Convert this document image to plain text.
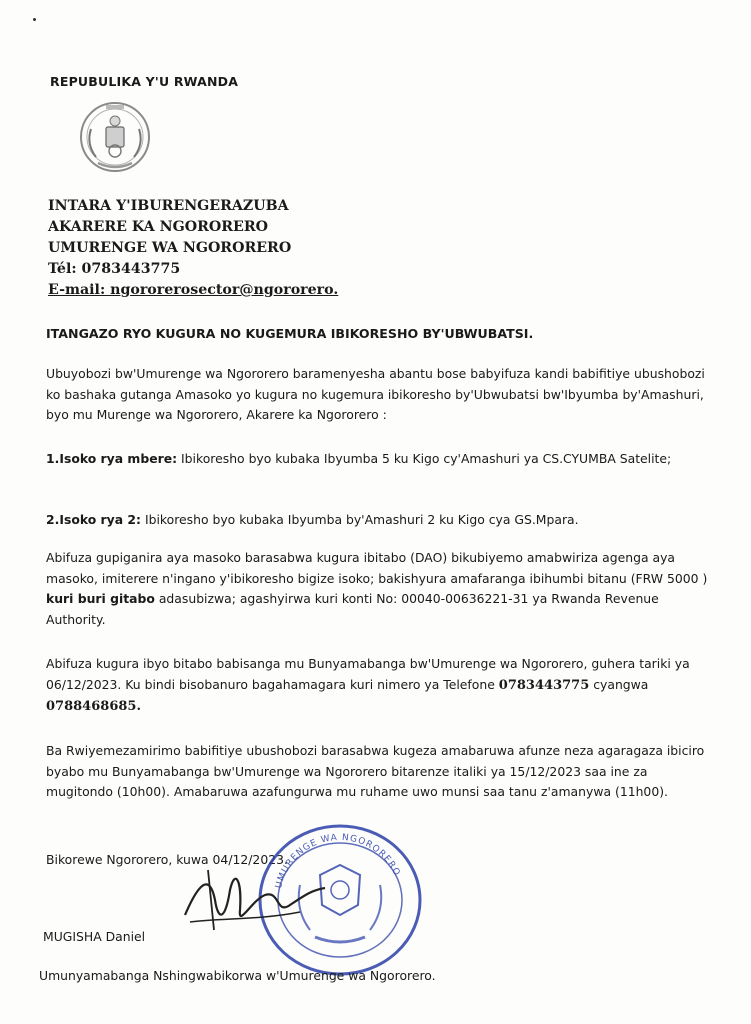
REPUBULIKA Y'U RWANDA
INTARA Y'IBURENGERAZUBA
AKARERE KA NGORORERO
UMURENGE WA NGORORERO
Tél: 0783443775
E-mail: ngororerosector@ngororero.
ITANGAZO RYO KUGURA NO KUGEMURA IBIKORESHO BY'UBWUBATSI.
Ubuyobozi bw'Umurenge wa Ngororero baramenyesha abantu bose babyifuza kandi babifitiye ubushobozi ko bashaka gutanga Amasoko yo kugura no kugemura ibikoresho by'Ubwubatsi bw'Ibyumba by'Amashuri, byo mu Murenge wa Ngororero, Akarere ka Ngororero :
1.Isoko rya mbere: Ibikoresho byo kubaka Ibyumba 5 ku Kigo cy'Amashuri ya CS.CYUMBA Satelite;
2.Isoko rya 2: Ibikoresho byo kubaka Ibyumba by'Amashuri 2 ku Kigo cya GS.Mpara.
Abifuza gupiganira aya masoko barasabwa kugura ibitabo (DAO) bikubiyemo amabwiriza agenga aya masoko, imiterere n'ingano y'ibikoresho bigize isoko; bakishyura amafaranga ibihumbi bitanu (FRW 5000 ) kuri buri gitabo adasubizwa; agashyirwa kuri konti No: 00040-00636221-31 ya Rwanda Revenue Authority.
Abifuza kugura ibyo bitabo babisanga mu Bunyamabanga bw'Umurenge wa Ngororero, guhera tariki ya 06/12/2023. Ku bindi bisobanuro bagahamagara kuri nimero ya Telefone 0783443775 cyangwa 0788468685.
Ba Rwiyemezamirimo babifitiye ubushobozi barasabwa kugeza amabaruwa afunze neza agaragaza ibiciro byabo mu Bunyamabanga bw'Umurenge wa Ngororero bitarenze italiki ya 15/12/2023 saa ine za mugitondo (10h00). Amabaruwa azafungurwa mu ruhame uwo munsi saa tanu z'amanywa (11h00).
Bikorewe Ngororero, kuwa 04/12/2023.
UMURENGE WA NGORORERO
MUGISHA Daniel
Umunyamabanga Nshingwabikorwa w'Umurenge wa Ngororero.
